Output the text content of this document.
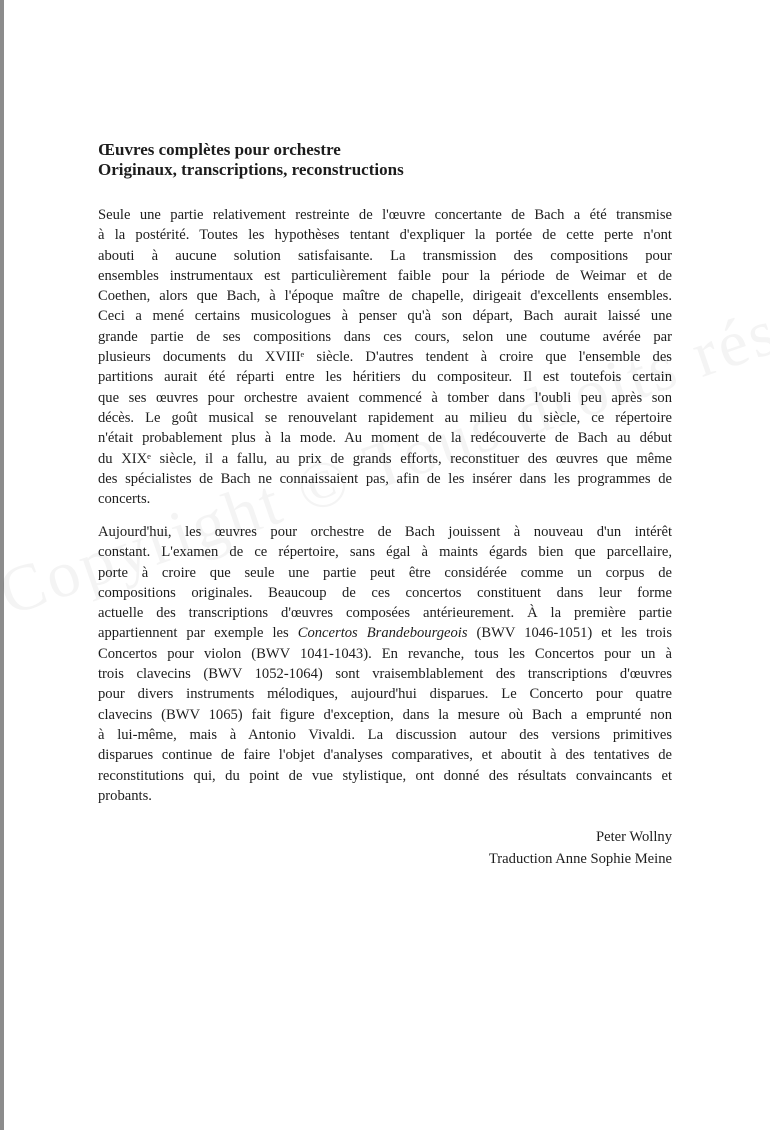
Œuvres complètes pour orchestre
Originaux, transcriptions, reconstructions
Seule une partie relativement restreinte de l'œuvre concertante de Bach a été transmise
à la postérité. Toutes les hypothèses tentant d'expliquer la portée de cette perte n'ont
abouti à aucune solution satisfaisante. La transmission des compositions pour
ensembles instrumentaux est particulièrement faible pour la période de Weimar et de
Coethen, alors que Bach, à l'époque maître de chapelle, dirigeait d'excellents ensembles.
Ceci a mené certains musicologues à penser qu'à son départ, Bach aurait laissé une
grande partie de ses compositions dans ces cours, selon une coutume avérée par
plusieurs documents du XVIIIᵉ siècle. D'autres tendent à croire que l'ensemble des
partitions aurait été réparti entre les héritiers du compositeur. Il est toutefois certain
que ses œuvres pour orchestre avaient commencé à tomber dans l'oubli peu après son
décès. Le goût musical se renouvelant rapidement au milieu du siècle, ce répertoire
n'était probablement plus à la mode. Au moment de la redécouverte de Bach au début
du XIXᵉ siècle, il a fallu, au prix de grands efforts, reconstituer des œuvres que même
des spécialistes de Bach ne connaissaient pas, afin de les insérer dans les programmes de
concerts.
Aujourd'hui, les œuvres pour orchestre de Bach jouissent à nouveau d'un intérêt
constant. L'examen de ce répertoire, sans égal à maints égards bien que parcellaire,
porte à croire que seule une partie peut être considérée comme un corpus de
compositions originales. Beaucoup de ces concertos constituent dans leur forme
actuelle des transcriptions d'œuvres composées antérieurement. À la première partie
appartiennent par exemple les Concertos Brandebourgeois (BWV 1046-1051) et les trois
Concertos pour violon (BWV 1041-1043). En revanche, tous les Concertos pour un à
trois clavecins (BWV 1052-1064) sont vraisemblablement des transcriptions d'œuvres
pour divers instruments mélodiques, aujourd'hui disparues. Le Concerto pour quatre
clavecins (BWV 1065) fait figure d'exception, dans la mesure où Bach a emprunté non
à lui-même, mais à Antonio Vivaldi. La discussion autour des versions primitives
disparues continue de faire l'objet d'analyses comparatives, et aboutit à des tentatives de
reconstitutions qui, du point de vue stylistique, ont donné des résultats convaincants et
probants.
Peter Wollny
Traduction Anne Sophie Meine
